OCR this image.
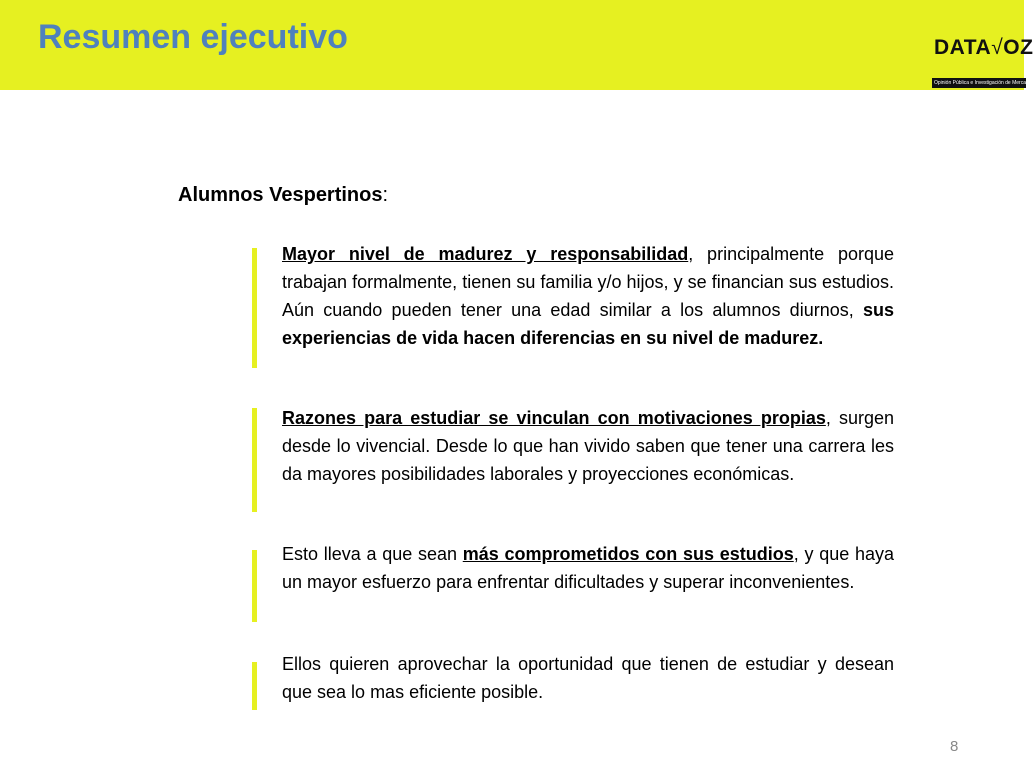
Resumen ejecutivo	DATA√OZ
Opinión Pública e Investigación de Mercado
Alumnos Vespertinos:

Mayor nivel de madurez y responsabilidad, principalmente porque trabajan formalmente, tienen su familia y/o hijos, y se financian sus estudios. Aún cuando pueden tener una edad similar a los alumnos diurnos, sus experiencias de vida hacen diferencias en su nivel de madurez.

Razones para estudiar se vinculan con motivaciones propias, surgen desde lo vivencial. Desde lo que han vivido saben que tener una carrera les da mayores posibilidades laborales y proyecciones económicas.

Esto lleva a que sean más comprometidos con sus estudios, y que haya un mayor esfuerzo para enfrentar dificultades y superar inconvenientes.

Ellos quieren aprovechar la oportunidad que tienen de estudiar y desean que sea lo mas eficiente posible.

8
